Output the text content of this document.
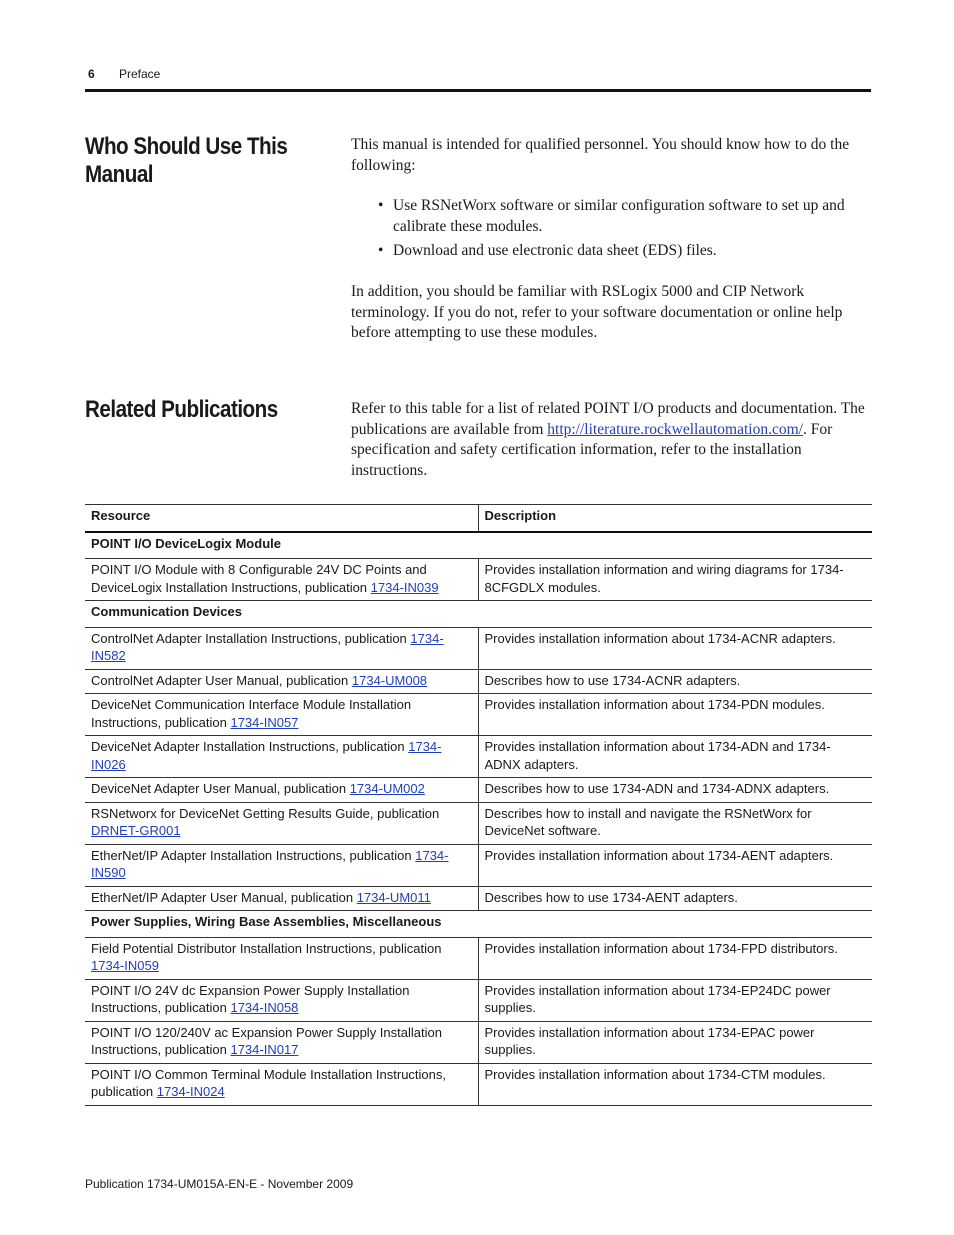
6 Preface
Who Should Use This Manual

This manual is intended for qualified personnel. You should know how to do the following:

• Use RSNetWorx software or similar configuration software to set up and calibrate these modules.
• Download and use electronic data sheet (EDS) files.

In addition, you should be familiar with RSLogix 5000 and CIP Network terminology. If you do not, refer to your software documentation or online help before attempting to use these modules.

Related Publications	Refer to this table for a list of related POINT I/O products and documentation. The publications are available from http://literature.rockwellautomation.com/. For specification and safety certification information, refer to the installation instructions.

Resource	Description
POINT I/O DeviceLogix Module	
POINT I/O Module with 8 Configurable 24V DC Points and DeviceLogix Installation Instructions, publication 1734-IN039	Provides installation information and wiring diagrams for 1734-8CFGDLX modules.
Communication Devices	
ControlNet Adapter Installation Instructions, publication 1734-IN582	Provides installation information about 1734-ACNR adapters.
ControlNet Adapter User Manual, publication 1734-UM008	Describes how to use 1734-ACNR adapters.
DeviceNet Communication Interface Module Installation Instructions, publication 1734-IN057	Provides installation information about 1734-PDN modules.
DeviceNet Adapter Installation Instructions, publication 1734-IN026	Provides installation information about 1734-ADN and 1734-ADNX adapters.
DeviceNet Adapter User Manual, publication 1734-UM002	Describes how to use 1734-ADN and 1734-ADNX adapters.
RSNetworx for DeviceNet Getting Results Guide, publication DRNET-GR001	Describes how to install and navigate the RSNetWorx for DeviceNet software.
EtherNet/IP Adapter Installation Instructions, publication 1734-IN590	Provides installation information about 1734-AENT adapters.
EtherNet/IP Adapter User Manual, publication 1734-UM011	Describes how to use 1734-AENT adapters.
Power Supplies, Wiring Base Assemblies, Miscellaneous	
Field Potential Distributor Installation Instructions, publication 1734-IN059	Provides installation information about 1734-FPD distributors.
POINT I/O 24V dc Expansion Power Supply Installation Instructions, publication 1734-IN058	Provides installation information about 1734-EP24DC power supplies.
POINT I/O 120/240V ac Expansion Power Supply Installation Instructions, publication 1734-IN017	Provides installation information about 1734-EPAC power supplies.
POINT I/O Common Terminal Module Installation Instructions, publication 1734-IN024	Provides installation information about 1734-CTM modules.
Publication 1734-UM015A-EN-E - November 2009
